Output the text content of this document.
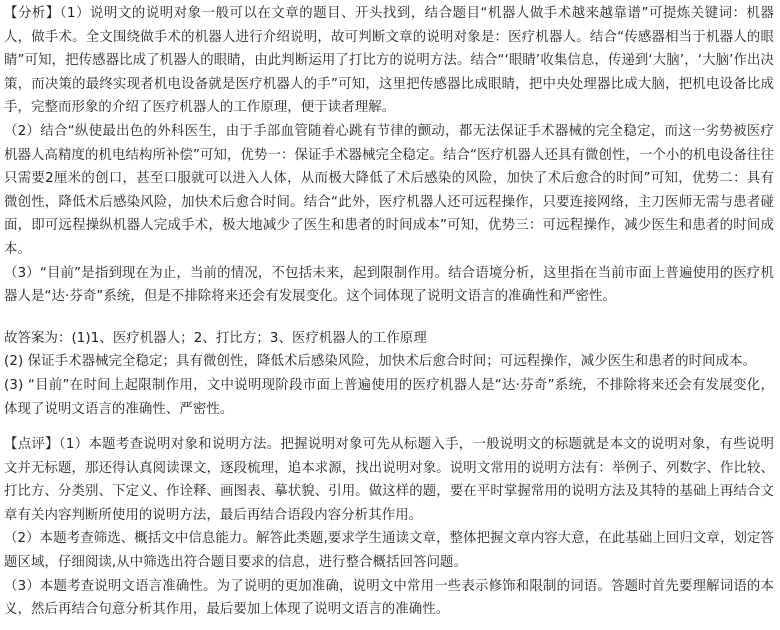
【分析】（1）说明文的说明对象一般可以在文章的题目、开头找到，结合题目“机器人做手术越来越靠谱”可提炼关键词：机器人，做手术。全文围绕做手术的机器人进行介绍说明，故可判断文章的说明对象是：医疗机器人。结合“传感器相当于机器人的眼睛”可知，把传感器比成了机器人的眼睛，由此判断运用了打比方的说明方法。结合“‘眼睛’收集信息，传递到‘大脑’，‘大脑’作出决策，而决策的最终实现者机电设备就是医疗机器人的手”可知，这里把传感器比成眼睛，把中央处理器比成大脑，把机电设备比成手，完整而形象的介绍了医疗机器人的工作原理，便于读者理解。

（2）结合“纵使最出色的外科医生，由于手部血管随着心跳有节律的颤动，都无法保证手术器械的完全稳定，而这一劣势被医疗机器人高精度的机电结构所补偿”可知，优势一：保证手术器械完全稳定。结合“医疗机器人还具有微创性，一个小的机电设备往往只需要2厘米的创口，甚至口服就可以进入人体，从而极大降低了术后感染的风险，加快了术后愈合的时间”可知，优势二：具有微创性，降低术后感染风险，加快术后愈合时间。结合“此外，医疗机器人还可远程操作，只要连接网络，主刀医师无需与患者碰面，即可远程操纵机器人完成手术，极大地减少了医生和患者的时间成本”可知，优势三：可远程操作，减少医生和患者的时间成本。

（3）“目前”是指到现在为止，当前的情况，不包括未来，起到限制作用。结合语境分析，这里指在当前市面上普遍使用的医疗机器人是“达·芬奇”系统，但是不排除将来还会有发展变化。这个词体现了说明文语言的准确性和严密性。

故答案为：(1)1、医疗机器人；2、打比方；3、医疗机器人的工作原理

(2) 保证手术器械完全稳定；具有微创性，降低术后感染风险，加快术后愈合时间；可远程操作，减少医生和患者的时间成本。

(3) “目前”在时间上起限制作用，文中说明现阶段市面上普遍使用的医疗机器人是“达·芬奇”系统，不排除将来还会有发展变化，体现了说明文语言的准确性、严密性。

【点评】（1）本题考查说明对象和说明方法。把握说明对象可先从标题入手，一般说明文的标题就是本文的说明对象，有些说明文并无标题，那还得认真阅读课文，逐段梳理，追本求源，找出说明对象。说明文常用的说明方法有：举例子、列数字、作比较、打比方、分类别、下定义、作诠释、画图表、摹状貌、引用。做这样的题，要在平时掌握常用的说明方法及其特的基础上再结合文章有关内容判断所使用的说明方法，最后再结合语段内容分析其作用。

（2）本题考查筛选、概括文中信息能力。解答此类题,要求学生通读文章，整体把握文章内容大意，在此基础上回归文章，划定答题区域，仔细阅读,从中筛选出符合题目要求的信息，进行整合概括回答问题。

（3）本题考查说明文语言准确性。为了说明的更加准确，说明文中常用一些表示修饰和限制的词语。答题时首先要理解词语的本义，然后再结合句意分析其作用，最后要加上体现了说明文语言的准确性。
